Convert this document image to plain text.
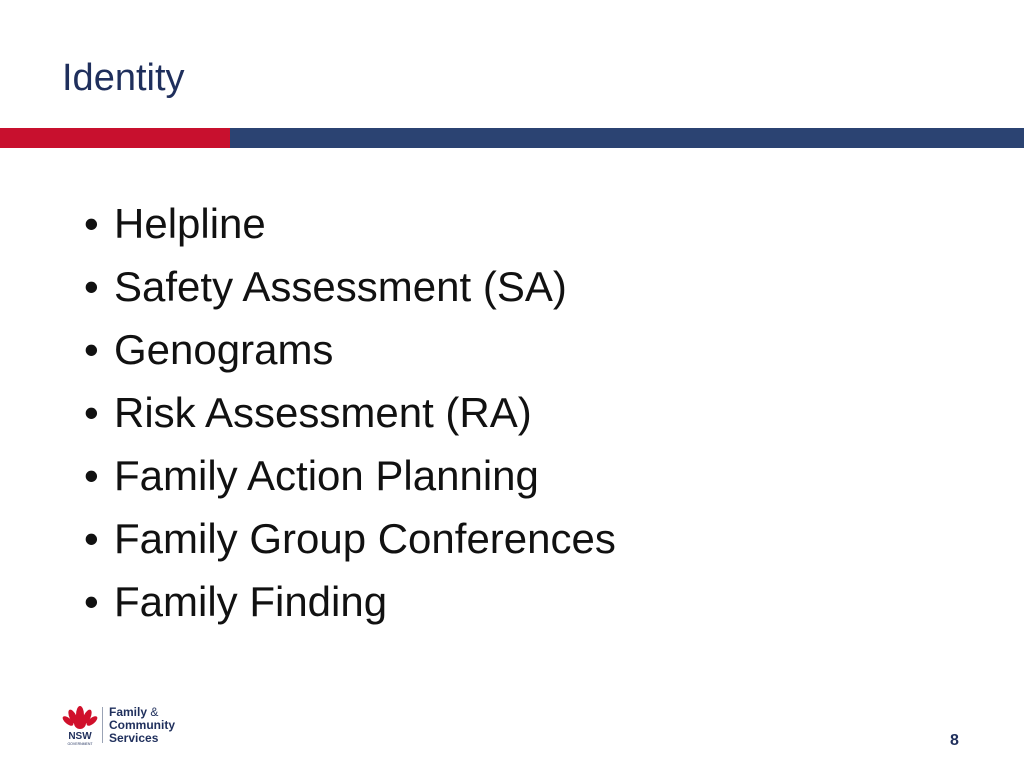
Identity
• Helpline
• Safety Assessment (SA)
• Genograms
• Risk Assessment (RA)
• Family Action Planning
• Family Group Conferences
• Family Finding
NSW
GOVERNMENT
Family &
Community
Services	8
